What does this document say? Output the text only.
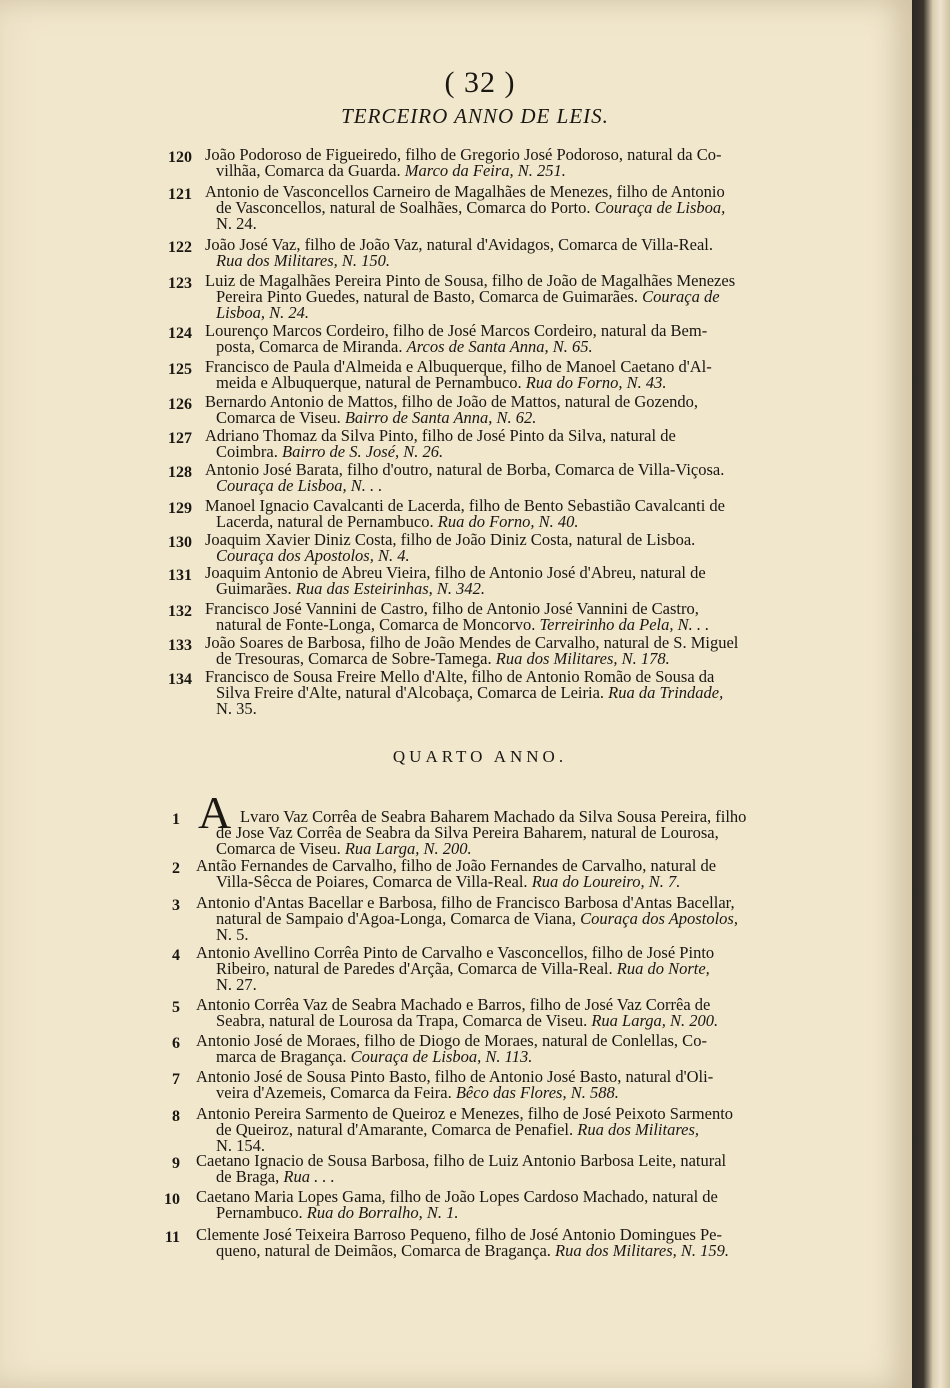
( 32 )
TERCEIRO ANNO DE LEIS.
120 João Podoroso de Figueiredo, filho de Gregorio José Podoroso, natural da Co-
vilhãa, Comarca da Guarda. Marco da Feira, N. 251.
121 Antonio de Vasconcellos Carneiro de Magalhães de Menezes, filho de Antonio
de Vasconcellos, natural de Soalhães, Comarca do Porto. Couraça de Lisboa,
N. 24.
122 João José Vaz, filho de João Vaz, natural d'Avidagos, Comarca de Villa-Real.
Rua dos Militares, N. 150.
123 Luiz de Magalhães Pereira Pinto de Sousa, filho de João de Magalhães Menezes
Pereira Pinto Guedes, natural de Basto, Comarca de Guimarães. Couraça de
Lisboa, N. 24.
124 Lourenço Marcos Cordeiro, filho de José Marcos Cordeiro, natural da Bem-
posta, Comarca de Miranda. Arcos de Santa Anna, N. 65.
125 Francisco de Paula d'Almeida e Albuquerque, filho de Manoel Caetano d'Al-
meida e Albuquerque, natural de Pernambuco. Rua do Forno, N. 43.
126 Bernardo Antonio de Mattos, filho de João de Mattos, natural de Gozendo,
Comarca de Viseu. Bairro de Santa Anna, N. 62.
127 Adriano Thomaz da Silva Pinto, filho de José Pinto da Silva, natural de
Coimbra. Bairro de S. José, N. 26.
128 Antonio José Barata, filho d'outro, natural de Borba, Comarca de Villa-Viçosa.
Couraça de Lisboa, N. . .
129 Manoel Ignacio Cavalcanti de Lacerda, filho de Bento Sebastião Cavalcanti de
Lacerda, natural de Pernambuco. Rua do Forno, N. 40.
130 Joaquim Xavier Diniz Costa, filho de João Diniz Costa, natural de Lisboa.
Couraça dos Apostolos, N. 4.
131 Joaquim Antonio de Abreu Vieira, filho de Antonio José d'Abreu, natural de
Guimarães. Rua das Esteirinhas, N. 342.
132 Francisco José Vannini de Castro, filho de Antonio José Vannini de Castro,
natural de Fonte-Longa, Comarca de Moncorvo. Terreirinho da Pela, N. . .
133 João Soares de Barbosa, filho de João Mendes de Carvalho, natural de S. Miguel
de Tresouras, Comarca de Sobre-Tamega. Rua dos Militares, N. 178.
134 Francisco de Sousa Freire Mello d'Alte, filho de Antonio Romão de Sousa da
Silva Freire d'Alte, natural d'Alcobaça, Comarca de Leiria. Rua da Trindade,
N. 35.
QUARTO ANNO.
A
1	Lvaro Vaz Corrêa de Seabra Baharem Machado da Silva Sousa Pereira, filho
de Jose Vaz Corrêa de Seabra da Silva Pereira Baharem, natural de Lourosa,
Comarca de Viseu. Rua Larga, N. 200.
2 Antão Fernandes de Carvalho, filho de João Fernandes de Carvalho, natural de
Villa-Sêcca de Poiares, Comarca de Villa-Real. Rua do Loureiro, N. 7.
3 Antonio d'Antas Bacellar e Barbosa, filho de Francisco Barbosa d'Antas Bacellar,
natural de Sampaio d'Agoa-Longa, Comarca de Viana, Couraça dos Apostolos,
N. 5.
4 Antonio Avellino Corrêa Pinto de Carvalho e Vasconcellos, filho de José Pinto
Ribeiro, natural de Paredes d'Arçãa, Comarca de Villa-Real. Rua do Norte,
N. 27.
5 Antonio Corrêa Vaz de Seabra Machado e Barros, filho de José Vaz Corrêa de
Seabra, natural de Lourosa da Trapa, Comarca de Viseu. Rua Larga, N. 200.
6 Antonio José de Moraes, filho de Diogo de Moraes, natural de Conlellas, Co-
marca de Bragança. Couraça de Lisboa, N. 113.
7 Antonio José de Sousa Pinto Basto, filho de Antonio José Basto, natural d'Oli-
veira d'Azemeis, Comarca da Feira. Bêco das Flores, N. 588.
8 Antonio Pereira Sarmento de Queiroz e Menezes, filho de José Peixoto Sarmento
de Queiroz, natural d'Amarante, Comarca de Penafiel. Rua dos Militares,
N. 154.
9 Caetano Ignacio de Sousa Barbosa, filho de Luiz Antonio Barbosa Leite, natural
de Braga, Rua . . .
10 Caetano Maria Lopes Gama, filho de João Lopes Cardoso Machado, natural de
Pernambuco. Rua do Borralho, N. 1.
11 Clemente José Teixeira Barroso Pequeno, filho de José Antonio Domingues Pe-
queno, natural de Deimãos, Comarca de Bragança. Rua dos Militares, N. 159.
